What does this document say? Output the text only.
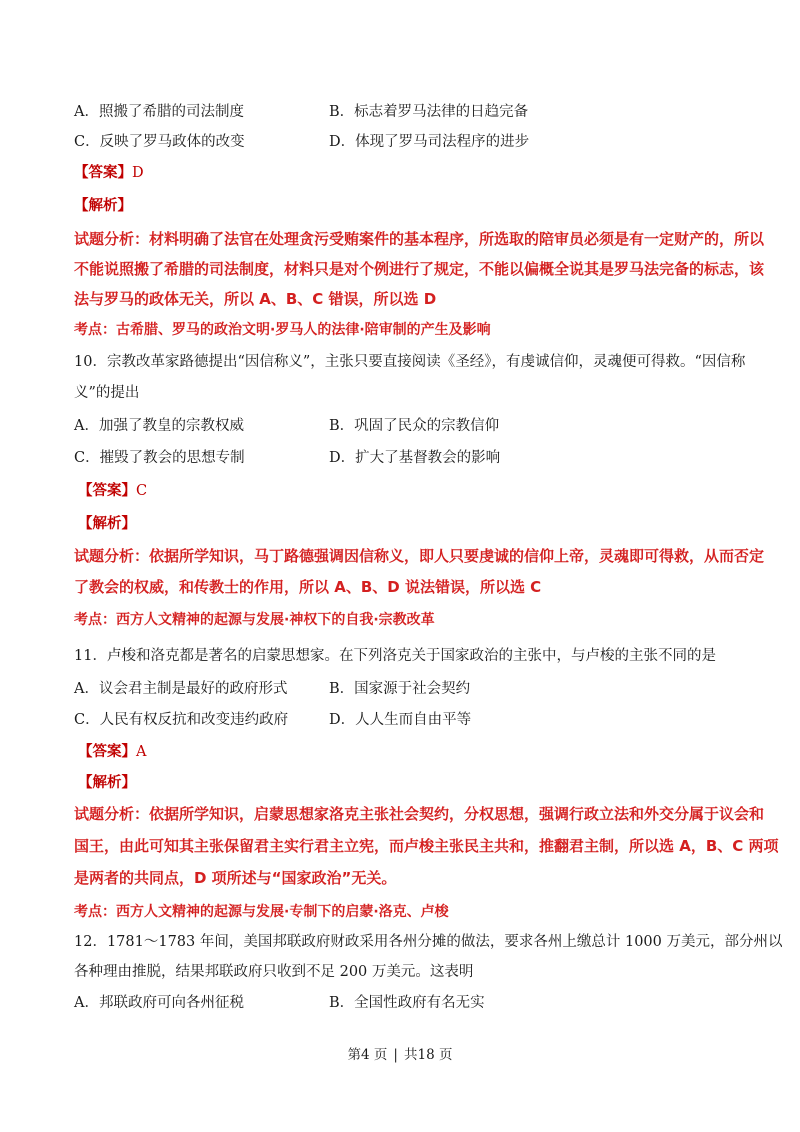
A．照搬了希腊的司法制度	B．标志着罗马法律的日趋完备
C．反映了罗马政体的改变	D．体现了罗马司法程序的进步
【答案】D
【解析】
试题分析：材料明确了法官在处理贪污受贿案件的基本程序，所选取的陪审员必须是有一定财产的，所以
不能说照搬了希腊的司法制度，材料只是对个例进行了规定，不能以偏概全说其是罗马法完备的标志，该
法与罗马的政体无关，所以 A、B、C 错误，所以选 D
考点：古希腊、罗马的政治文明·罗马人的法律·陪审制的产生及影响
10．宗教改革家路德提出“因信称义”，主张只要直接阅读《圣经》，有虔诚信仰，灵魂便可得救。“因信称
义”的提出
A．加强了教皇的宗教权威	B．巩固了民众的宗教信仰
C．摧毁了教会的思想专制	D．扩大了基督教会的影响
【答案】C
【解析】
试题分析：依据所学知识，马丁路德强调因信称义，即人只要虔诚的信仰上帝，灵魂即可得救，从而否定
了教会的权威，和传教士的作用，所以 A、B、D 说法错误，所以选 C
考点：西方人文精神的起源与发展·神权下的自我·宗教改革
11．卢梭和洛克都是著名的启蒙思想家。在下列洛克关于国家政治的主张中，与卢梭的主张不同的是
A．议会君主制是最好的政府形式	B．国家源于社会契约
C．人民有权反抗和改变违约政府	D．人人生而自由平等
【答案】A
【解析】
试题分析：依据所学知识，启蒙思想家洛克主张社会契约，分权思想，强调行政立法和外交分属于议会和
国王，由此可知其主张保留君主实行君主立宪，而卢梭主张民主共和，推翻君主制，所以选 A，B、C 两项
是两者的共同点，D 项所述与“国家政治”无关。
考点：西方人文精神的起源与发展·专制下的启蒙·洛克、卢梭
12．1781～1783 年间，美国邦联政府财政采用各州分摊的做法，要求各州上缴总计 1000 万美元，部分州以
各种理由推脱，结果邦联政府只收到不足 200 万美元。这表明
A．邦联政府可向各州征税	B．全国性政府有名无实
第4 页 | 共18 页
